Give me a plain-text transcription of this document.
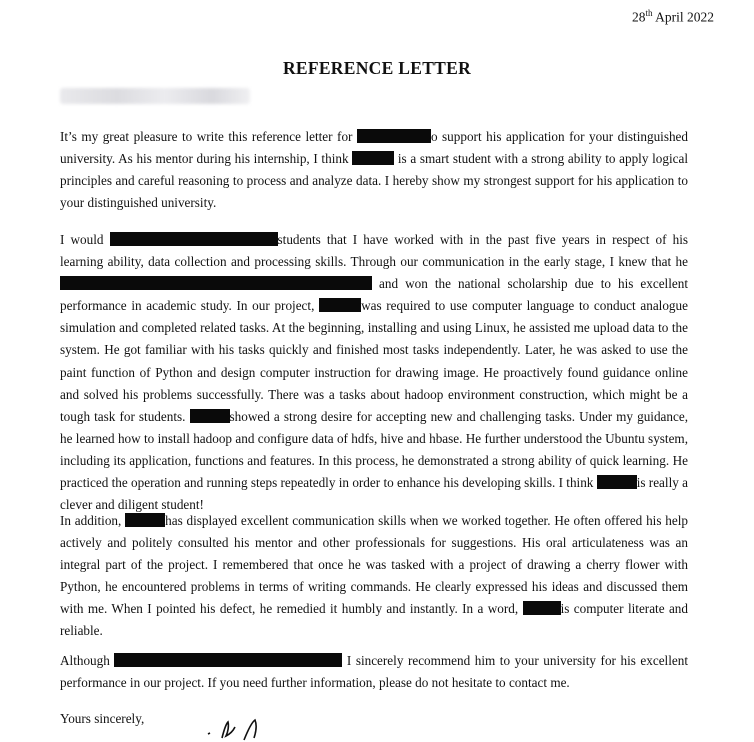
28th April 2022
REFERENCE LETTER

It’s my great pleasure to write this reference letter for	o support his application for your distinguished university. As his mentor during his internship, I think	is a smart student with a strong ability to apply logical principles and careful reasoning to process and analyze data. I hereby show my strongest support for his application to your distinguished university.

I would	students that I have worked with in the past five years in respect of his learning ability, data collection and processing skills. Through our communication in the early stage, I knew that he  and won the national scholarship due to his excellent performance in academic study. In our project,	was required to use computer language to conduct analogue simulation and completed related tasks. At the beginning, installing and using Linux, he assisted me upload data to the system. He got familiar with his tasks quickly and finished most tasks independently. Later, he was asked to use the paint function of Python and design computer instruction for drawing image. He proactively found guidance online and solved his problems successfully. There was a tasks about hadoop environment construction, which might be a tough task for students.	showed a strong desire for accepting new and challenging tasks. Under my guidance, he learned how to install hadoop and configure data of hdfs, hive and hbase. He further understood the Ubuntu system, including its application, functions and features. In this process, he demonstrated a strong ability of quick learning. He practiced the operation and running steps repeatedly in order to enhance his developing skills. I think	is really a clever and diligent student!

In addition,	has displayed excellent communication skills when we worked together. He often offered his help actively and politely consulted his mentor and other professionals for suggestions. His oral articulateness was an integral part of the project. I remembered that once he was tasked with a project of drawing a cherry flower with Python, he encountered problems in terms of writing commands. He clearly expressed his ideas and discussed them with me. When I pointed his defect, he remedied it humbly and instantly. In a word,	is computer literate and reliable.

Although	I sincerely recommend him to your university for his excellent performance in our project. If you need further information, please do not hesitate to contact me.

Yours sincerely,
